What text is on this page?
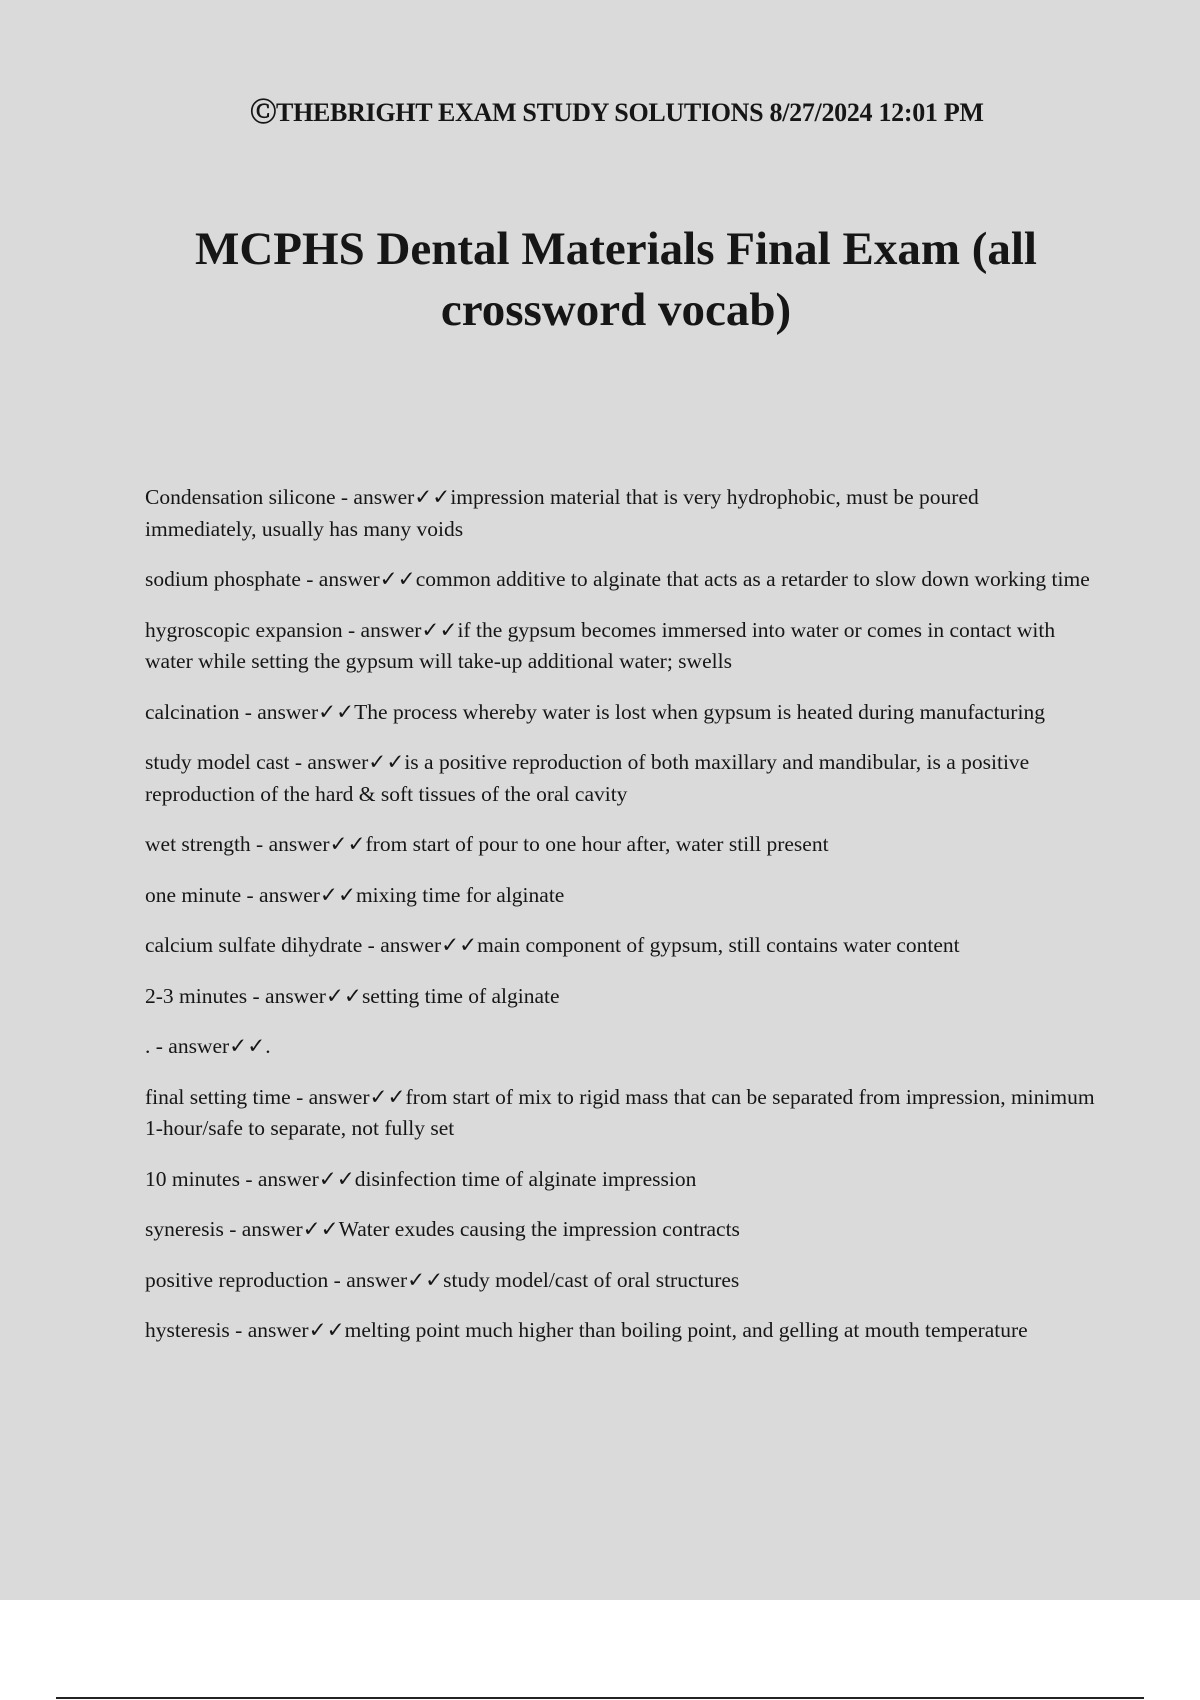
ⒸTHEBRIGHT EXAM STUDY SOLUTIONS 8/27/2024 12:01 PM
MCPHS Dental Materials Final Exam (all
crossword vocab)

Condensation silicone - answer✓✓impression material that is very hydrophobic, must be poured immediately, usually has many voids

sodium phosphate - answer✓✓common additive to alginate that acts as a retarder to slow down working time

hygroscopic expansion - answer✓✓if the gypsum becomes immersed into water or comes in contact with water while setting the gypsum will take-up additional water; swells

calcination - answer✓✓The process whereby water is lost when gypsum is heated during manufacturing

study model cast - answer✓✓is a positive reproduction of both maxillary and mandibular, is a positive reproduction of the hard & soft tissues of the oral cavity

wet strength - answer✓✓from start of pour to one hour after, water still present

one minute - answer✓✓mixing time for alginate

calcium sulfate dihydrate - answer✓✓main component of gypsum, still contains water content

2-3 minutes - answer✓✓setting time of alginate

. - answer✓✓.

final setting time - answer✓✓from start of mix to rigid mass that can be separated from impression, minimum 1-hour/safe to separate, not fully set

10 minutes - answer✓✓disinfection time of alginate impression

syneresis - answer✓✓Water exudes causing the impression contracts

positive reproduction - answer✓✓study model/cast of oral structures

hysteresis - answer✓✓melting point much higher than boiling point, and gelling at mouth temperature
